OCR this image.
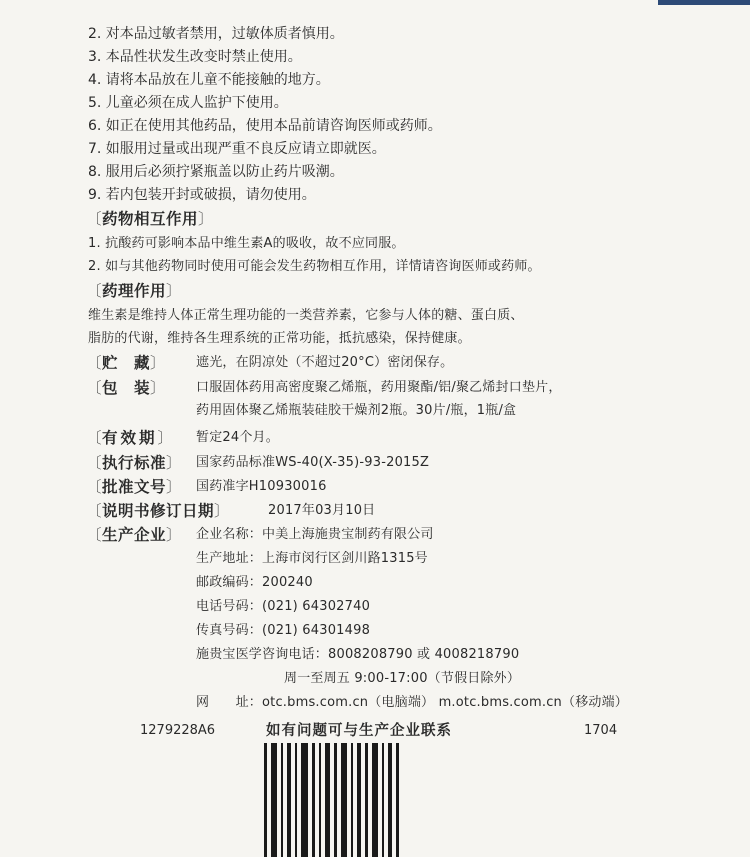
2. 对本品过敏者禁用，过敏体质者慎用。
3. 本品性状发生改变时禁止使用。
4. 请将本品放在儿童不能接触的地方。
5. 儿童必须在成人监护下使用。
6. 如正在使用其他药品，使用本品前请咨询医师或药师。
7. 如服用过量或出现严重不良反应请立即就医。
8. 服用后必须拧紧瓶盖以防止药片吸潮。
9. 若内包装开封或破损，请勿使用。
〔药物相互作用〕
1. 抗酸药可影响本品中维生素A的吸收，故不应同服。
2. 如与其他药物同时使用可能会发生药物相互作用，详情请咨询医师或药师。
〔药理作用〕
维生素是维持人体正常生理功能的一类营养素，它参与人体的糖、蛋白质、
脂肪的代谢，维持各生理系统的正常功能，抵抗感染，保持健康。
〔贮　藏〕 遮光，在阴凉处（不超过20°C）密闭保存。
〔包　装〕 口服固体药用高密度聚乙烯瓶，药用聚酯/铝/聚乙烯封口垫片，
药用固体聚乙烯瓶装硅胶干燥剂2瓶。30片/瓶，1瓶/盒
〔有效期〕 暂定24个月。
〔执行标准〕 国家药品标准WS-40(X-35)-93-2015Z
〔批准文号〕 国药准字H10930016
〔说明书修订日期〕	2017年03月10日
〔生产企业〕 企业名称：中美上海施贵宝制药有限公司
生产地址：上海市闵行区剑川路1315号
邮政编码：200240
电话号码：(021) 64302740
传真号码：(021) 64301498
施贵宝医学咨询电话：8008208790 或 4008218790
周一至周五 9:00-17:00（节假日除外）
网　　址：otc.bms.com.cn（电脑端） m.otc.bms.com.cn（移动端）
1279228A6	如有问题可与生产企业联系	1704
